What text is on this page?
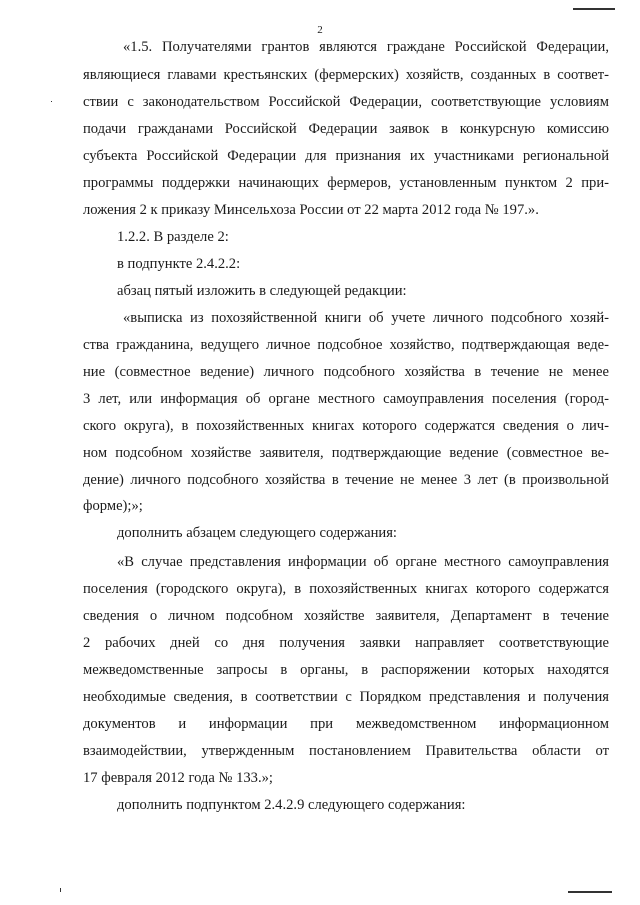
2
«1.5. Получателями грантов являются граждане Российской Федерации,
являющиеся главами крестьянских (фермерских) хозяйств, созданных в соответ-
ствии с законодательством Российской Федерации, соответствующие условиям
подачи гражданами Российской Федерации заявок в конкурсную комиссию
субъекта Российской Федерации для признания их участниками региональной
программы поддержки начинающих фермеров, установленным пунктом 2 при-
ложения 2 к приказу Минсельхоза России от 22 марта 2012 года № 197.».
1.2.2. В разделе 2:
в подпункте 2.4.2.2:
абзац пятый изложить в следующей редакции:
«выписка из похозяйственной книги об учете личного подсобного хозяй-
ства гражданина, ведущего личное подсобное хозяйство, подтверждающая веде-
ние (совместное ведение) личного подсобного хозяйства в течение не менее
3 лет, или информация об органе местного самоуправления поселения (город-
ского округа), в похозяйственных книгах которого содержатся сведения о лич-
ном подсобном хозяйстве заявителя, подтверждающие ведение (совместное ве-
дение) личного подсобного хозяйства в течение не менее 3 лет (в произвольной
форме);»;
дополнить абзацем следующего содержания:
«В случае представления информации об органе местного самоуправления
поселения (городского округа), в похозяйственных книгах которого содержатся
сведения о личном подсобном хозяйстве заявителя, Департамент в течение
2 рабочих дней со дня получения заявки направляет соответствующие
межведомственные запросы в органы, в распоряжении которых находятся
необходимые сведения, в соответствии с Порядком представления и получения
документов и информации при межведомственном информационном
взаимодействии, утвержденным постановлением Правительства области от
17 февраля 2012 года № 133.»;
дополнить подпунктом 2.4.2.9 следующего содержания:
